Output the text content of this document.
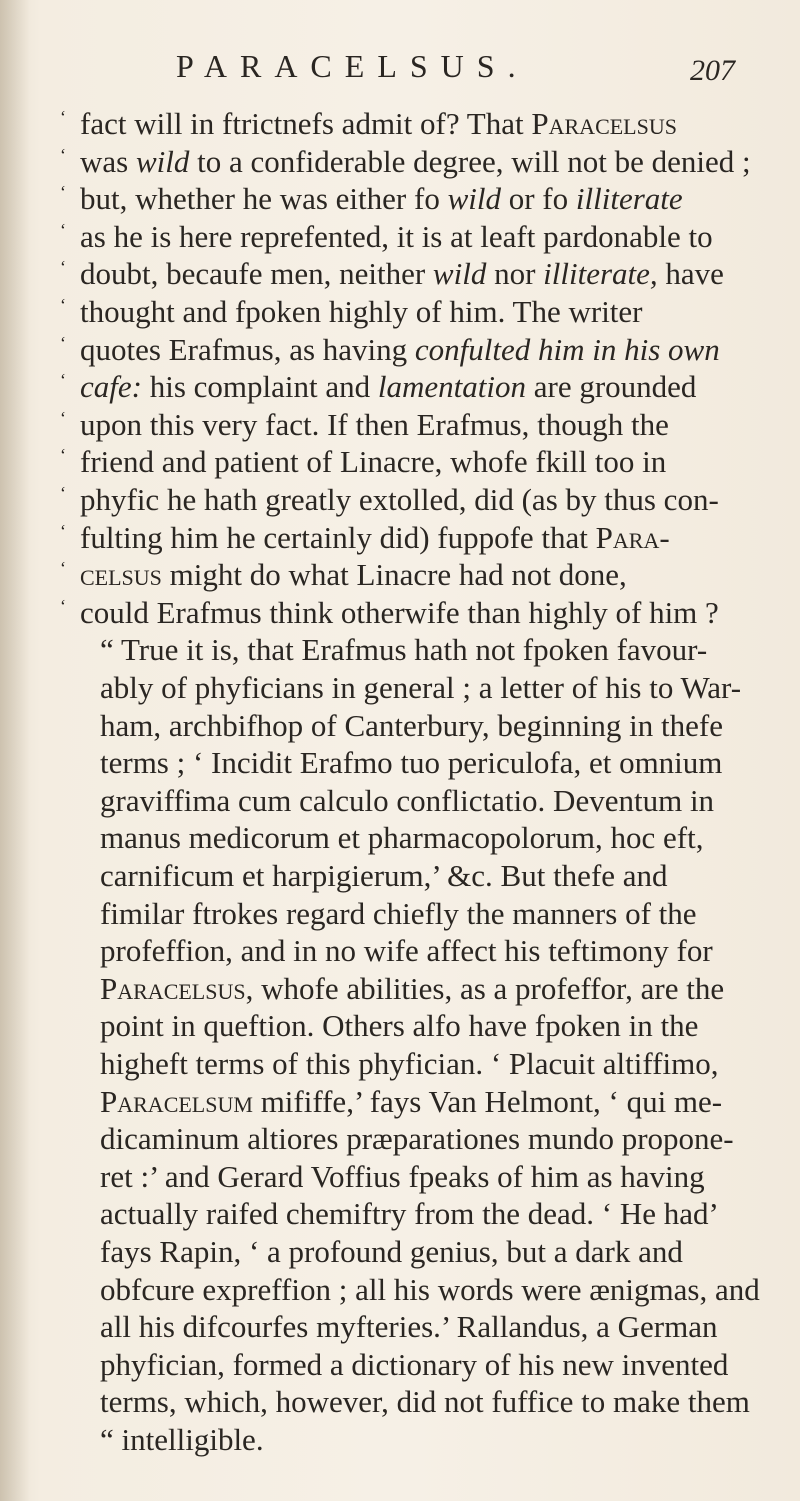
PARACELSUS.	207
‘ fact will in ftrictnefs admit of? That Paracelsus
‘ was wild to a confiderable degree, will not be denied ;
‘ but, whether he was either fo wild or fo illiterate
‘ as he is here reprefented, it is at leaft pardonable to
‘ doubt, becaufe men, neither wild nor illiterate, have
‘ thought and fpoken highly of him. The writer
‘ quotes Erafmus, as having confulted him in his own
‘ cafe: his complaint and lamentation are grounded
‘ upon this very fact. If then Erafmus, though the
‘ friend and patient of Linacre, whofe fkill too in
‘ phyfic he hath greatly extolled, did (as by thus con-
‘ fulting him he certainly did) fuppofe that Para-
‘ celsus might do what Linacre had not done,
‘ could Erafmus think otherwife than highly of him ?
“ True it is, that Erafmus hath not fpoken favour-
ably of phyficians in general ; a letter of his to War-
ham, archbifhop of Canterbury, beginning in thefe
terms ; ‘ Incidit Erafmo tuo periculofa, et omnium
graviffima cum calculo conflictatio. Deventum in
manus medicorum et pharmacopolorum, hoc eft,
carnificum et harpigierum,’ &c. But thefe and
fimilar ftrokes regard chiefly the manners of the
profeffion, and in no wife affect his teftimony for
Paracelsus, whofe abilities, as a profeffor, are the
point in queftion. Others alfo have fpoken in the
higheft terms of this phyfician. ‘ Placuit altiffimo,
Paracelsum mififfe,’ fays Van Helmont, ‘ qui me-
dicaminum altiores præparationes mundo propone-
ret :’ and Gerard Voffius fpeaks of him as having
actually raifed chemiftry from the dead. ‘ He had’
fays Rapin, ‘ a profound genius, but a dark and
obfcure expreffion ; all his words were ænigmas, and
all his difcourfes myfteries.’ Rallandus, a German
phyfician, formed a dictionary of his new invented
terms, which, however, did not fuffice to make them
“ intelligible.
